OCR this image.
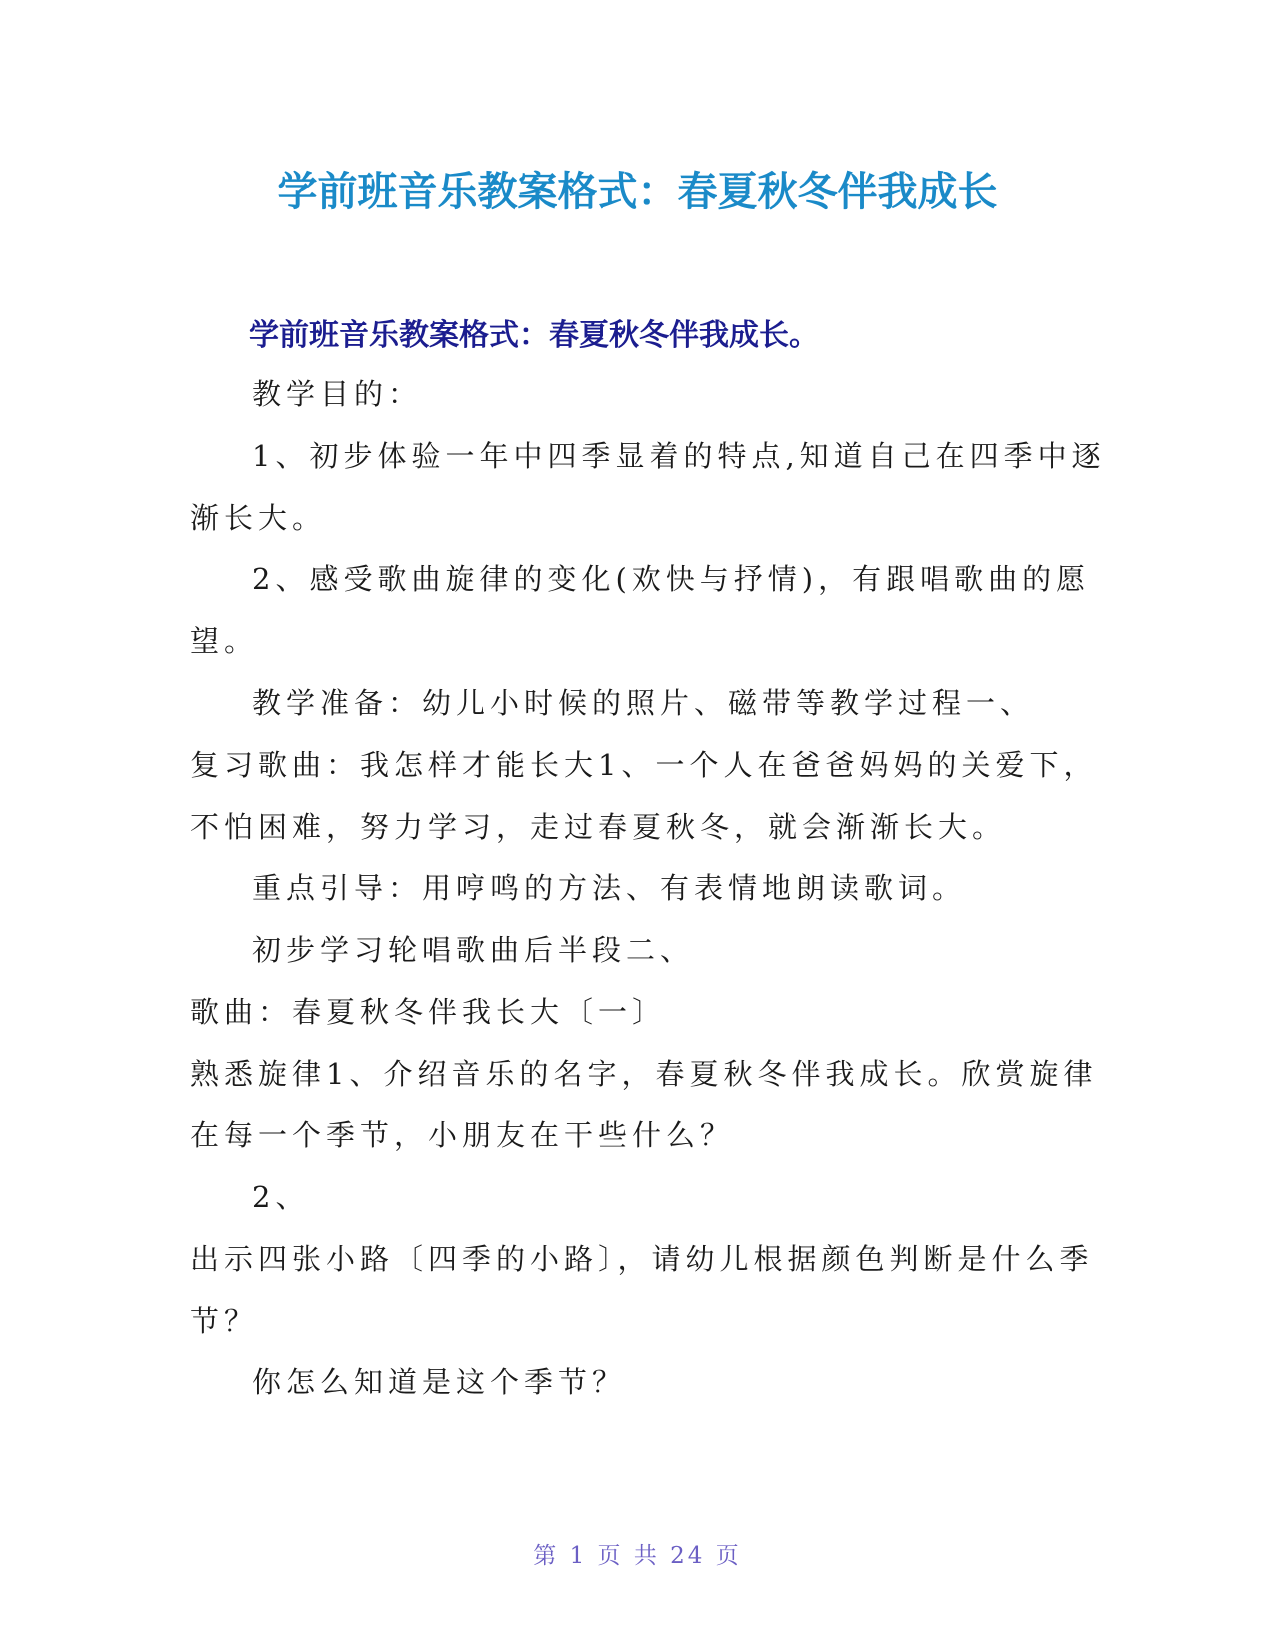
学前班音乐教案格式：春夏秋冬伴我成长
学前班音乐教案格式：春夏秋冬伴我成长。

教学目的：

1、初步体验一年中四季显着的特点,知道自己在四季中逐

渐长大。

2、感受歌曲旋律的变化(欢快与抒情)，有跟唱歌曲的愿

望。

教学准备：幼儿小时候的照片、磁带等教学过程一、

复习歌曲：我怎样才能长大1、一个人在爸爸妈妈的关爱下，

不怕困难，努力学习，走过春夏秋冬，就会渐渐长大。

重点引导：用哼鸣的方法、有表情地朗读歌词。

初步学习轮唱歌曲后半段二、

歌曲：春夏秋冬伴我长大〔一〕

熟悉旋律1、介绍音乐的名字，春夏秋冬伴我成长。欣赏旋律

在每一个季节，小朋友在干些什么？

2、

出示四张小路〔四季的小路〕，请幼儿根据颜色判断是什么季

节？

你怎么知道是这个季节？

第 1 页 共 24 页
